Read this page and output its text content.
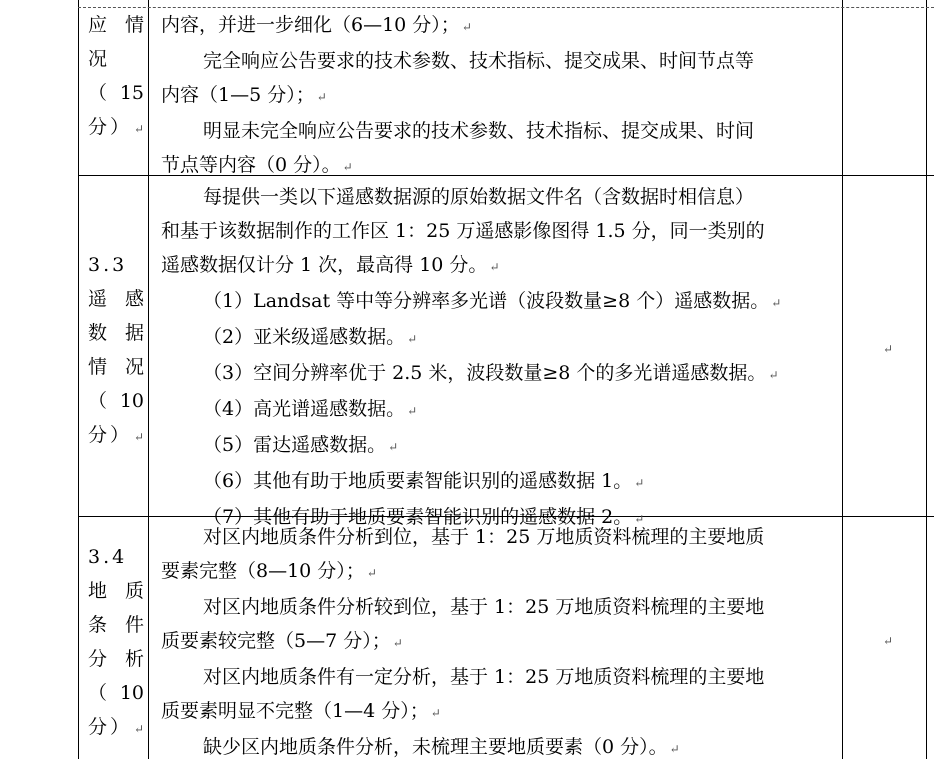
应情
况
（15
分） ↵

内容，并进一步细化（6—10 分）； ↵

完全响应公告要求的技术参数、技术指标、提交成果、时间节点等

内容（1—5 分）； ↵

明显未完全响应公告要求的技术参数、技术指标、提交成果、时间

节点等内容（0 分）。 ↵

3.3
遥感
数据
情况
（10
分） ↵

每提供一类以下遥感数据源的原始数据文件名（含数据时相信息）

和基于该数据制作的工作区 1：25 万遥感影像图得 1.5 分，同一类别的

遥感数据仅计分 1 次，最高得 10 分。 ↵

（1）Landsat 等中等分辨率多光谱（波段数量≥8 个）遥感数据。 ↵

（2）亚米级遥感数据。 ↵

（3）空间分辨率优于 2.5 米，波段数量≥8 个的多光谱遥感数据。 ↵

（4）高光谱遥感数据。 ↵

（5）雷达遥感数据。 ↵

（6）其他有助于地质要素智能识别的遥感数据 1。 ↵

（7）其他有助于地质要素智能识别的遥感数据 2。 ↵

↵
3.4
地质
条件
分析
（10
分） ↵

对区内地质条件分析到位，基于 1：25 万地质资料梳理的主要地质

要素完整（8—10 分）； ↵

对区内地质条件分析较到位，基于 1：25 万地质资料梳理的主要地

质要素较完整（5—7 分）； ↵

对区内地质条件有一定分析，基于 1：25 万地质资料梳理的主要地

质要素明显不完整（1—4 分）； ↵

缺少区内地质条件分析，未梳理主要地质要素（0 分）。 ↵

↵
